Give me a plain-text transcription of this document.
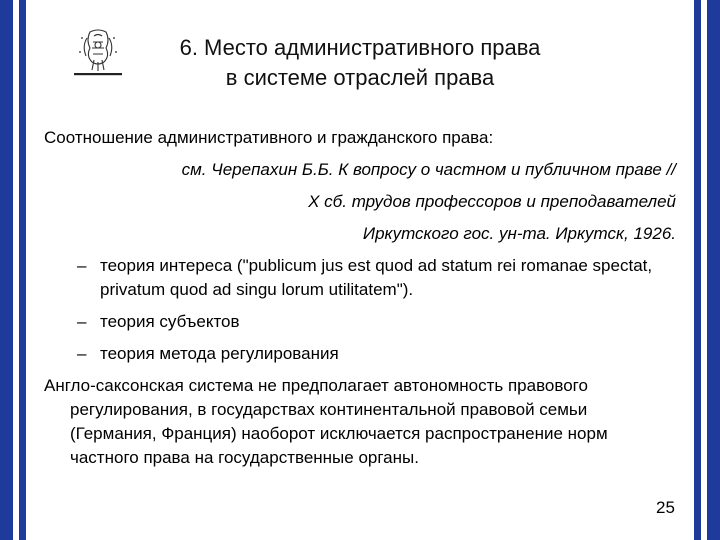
6. Место административного права
в системе отраслей права

Соотношение административного и гражданского права:

см. Черепахин Б.Б. К вопросу о частном и публичном праве //

Х сб. трудов профессоров и преподавателей

Иркутского гос. ун-та. Иркутск, 1926.

– теория интереса ("publicum jus est quod ad statum rei romanae spectat, privatum quod ad singu lorum utilitatem").
– теория субъектов
– теория метода регулирования

Англо-саксонская система не предполагает автономность правового регулирования, в государствах континентальной правовой семьи (Германия, Франция) наоборот исключается распространение норм частного права на государственные органы.

25
